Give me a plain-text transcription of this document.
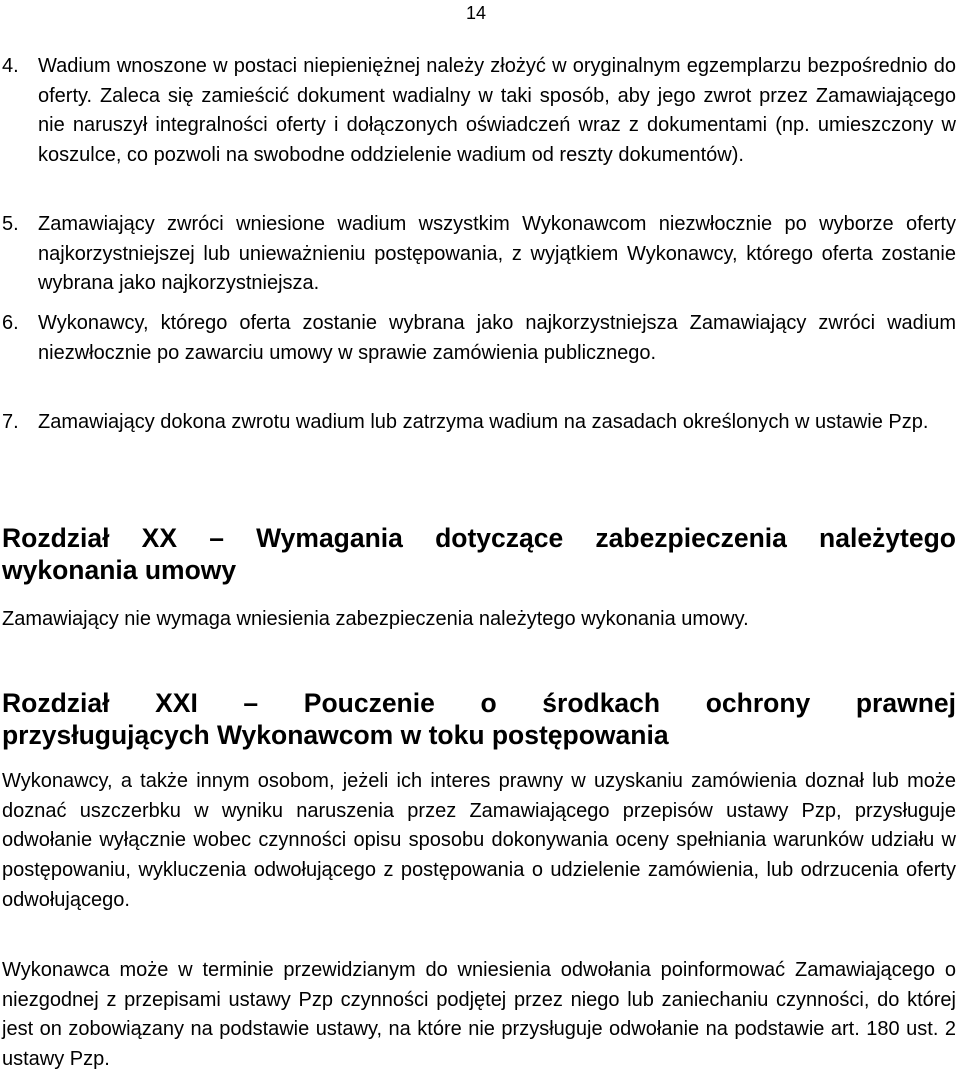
14
4. Wadium wnoszone w postaci niepieniężnej należy złożyć w oryginalnym egzemplarzu bezpośrednio do oferty. Zaleca się zamieścić dokument wadialny w taki sposób, aby jego zwrot przez Zamawiającego nie naruszył integralności oferty i dołączonych oświadczeń wraz z dokumentami (np. umieszczony w koszulce, co pozwoli na swobodne oddzielenie wadium od reszty dokumentów).
5. Zamawiający zwróci wniesione wadium wszystkim Wykonawcom niezwłocznie po wyborze oferty najkorzystniejszej lub unieważnieniu postępowania, z wyjątkiem Wykonawcy, którego oferta zostanie wybrana jako najkorzystniejsza.
6. Wykonawcy, którego oferta zostanie wybrana jako najkorzystniejsza Zamawiający zwróci wadium niezwłocznie po zawarciu umowy w sprawie zamówienia publicznego.
7. Zamawiający dokona zwrotu wadium lub zatrzyma wadium na zasadach określonych w ustawie Pzp.
Rozdział XX – Wymagania dotyczące zabezpieczenia należytego
wykonania umowy
Zamawiający nie wymaga wniesienia zabezpieczenia należytego wykonania umowy.
Rozdział XXI – Pouczenie o środkach ochrony prawnej
przysługujących Wykonawcom w toku postępowania
Wykonawcy, a także innym osobom, jeżeli ich interes prawny w uzyskaniu zamówienia doznał lub może doznać uszczerbku w wyniku naruszenia przez Zamawiającego przepisów ustawy Pzp, przysługuje odwołanie wyłącznie wobec czynności opisu sposobu dokonywania oceny spełniania warunków udziału w postępowaniu, wykluczenia odwołującego z postępowania o udzielenie zamówienia, lub odrzucenia oferty odwołującego.
Wykonawca może w terminie przewidzianym do wniesienia odwołania poinformować Zamawiającego o niezgodnej z przepisami ustawy Pzp czynności podjętej przez niego lub zaniechaniu czynności, do której jest on zobowiązany na podstawie ustawy, na które nie przysługuje odwołanie na podstawie art. 180 ust. 2 ustawy Pzp.
